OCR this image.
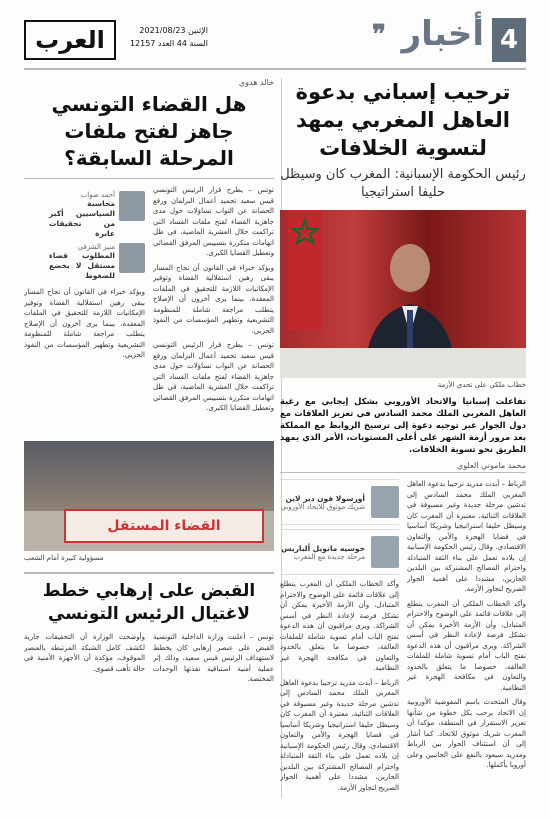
4
أخبار
❞
العرب	الإثنين 2021/08/23
السنة 44 العدد 12157
ترحيب إسباني بدعوة العاهل المغربي يمهد لتسوية الخلافات
رئيس الحكومة الإسبانية: المغرب كان وسيظل حليفا استراتيجيا
خطاب ملكي على تحدي الأزمة

تفاعلت إسبانيا والاتحاد الأوروبي بشكل إيجابي مع رغبة العاهل المغربي الملك محمد السادس في تعزيز العلاقات مع دول الجوار عبر توجيه دعوة إلى ترسيخ الروابط مع المملكة بعد مرور أزمة الشهر على أعلى المستويات، الأمر الذي يمهد الطريق نحو تسوية الخلافات.

محمد ماموني العلوي

الرباط – أبدت مدريد ترحيبا بدعوة العاهل المغربي الملك محمد السادس إلى تدشين مرحلة جديدة وغير مسبوقة في العلاقات الثنائية، معتبرة أن المغرب كان وسيظل حليفا استراتيجيا وشريكا أساسيا في قضايا الهجرة والأمن والتعاون الاقتصادي. وقال رئيس الحكومة الإسبانية إن بلاده تعمل على بناء الثقة المتبادلة واحترام المصالح المشتركة بين البلدين الجارين، مشددا على أهمية الحوار الصريح لتجاوز الأزمة.

وأكد الخطاب الملكي أن المغرب يتطلع إلى علاقات قائمة على الوضوح والاحترام المتبادل، وأن الأزمة الأخيرة يمكن أن تشكل فرصة لإعادة النظر في أسس الشراكة. ويرى مراقبون أن هذه الدعوة تفتح الباب أمام تسوية شاملة للملفات العالقة، خصوصا ما يتعلق بالحدود والتعاون في مكافحة الهجرة غير النظامية.

وقال المتحدث باسم المفوضية الأوروبية إن الاتحاد يرحب بكل خطوة من شأنها تعزيز الاستقرار في المنطقة، مؤكدا أن المغرب شريك موثوق للاتحاد. كما أشار إلى أن استئناف الحوار بين الرباط ومدريد سيعود بالنفع على الجانبين وعلى أوروبا بأكملها.

أورسولا فون دير لاين
شريك موثوق للاتحاد الأوروبي
خوسيه مانويل ألباريس
مرحلة جديدة مع المغرب

وأكد الخطاب الملكي أن المغرب يتطلع إلى علاقات قائمة على الوضوح والاحترام المتبادل، وأن الأزمة الأخيرة يمكن أن تشكل فرصة لإعادة النظر في أسس الشراكة. ويرى مراقبون أن هذه الدعوة تفتح الباب أمام تسوية شاملة للملفات العالقة، خصوصا ما يتعلق بالحدود والتعاون في مكافحة الهجرة غير النظامية.

الرباط – أبدت مدريد ترحيبا بدعوة العاهل المغربي الملك محمد السادس إلى تدشين مرحلة جديدة وغير مسبوقة في العلاقات الثنائية، معتبرة أن المغرب كان وسيظل حليفا استراتيجيا وشريكا أساسيا في قضايا الهجرة والأمن والتعاون الاقتصادي. وقال رئيس الحكومة الإسبانية إن بلاده تعمل على بناء الثقة المتبادلة واحترام المصالح المشتركة بين البلدين الجارين، مشددا على أهمية الحوار الصريح لتجاوز الأزمة.

خالد هدوي
هل القضاء التونسي جاهز لفتح ملفات المرحلة السابقة؟

تونس – يطرح قرار الرئيس التونسي قيس سعيد تجميد أعمال البرلمان ورفع الحصانة عن النواب تساؤلات حول مدى جاهزية القضاء لفتح ملفات الفساد التي تراكمت خلال العشرية الماضية، في ظل اتهامات متكررة بتسييس المرفق القضائي وتعطيل القضايا الكبرى.

ويؤكد خبراء في القانون أن نجاح المسار يبقى رهين استقلالية القضاة وتوفير الإمكانيات اللازمة للتحقيق في الملفات المعقدة، بينما يرى آخرون أن الإصلاح يتطلب مراجعة شاملة للمنظومة التشريعية وتطهير المؤسسات من النفوذ الحزبي.

تونس – يطرح قرار الرئيس التونسي قيس سعيد تجميد أعمال البرلمان ورفع الحصانة عن النواب تساؤلات حول مدى جاهزية القضاء لفتح ملفات الفساد التي تراكمت خلال العشرية الماضية، في ظل اتهامات متكررة بتسييس المرفق القضائي وتعطيل القضايا الكبرى.

أحمد صواب
محاسبة السياسيين أكبر من تحقيقات عابرة
منير الشرفي
المطلوب قضاء مستقل لا يخضع للضغوط

ويؤكد خبراء في القانون أن نجاح المسار يبقى رهين استقلالية القضاة وتوفير الإمكانيات اللازمة للتحقيق في الملفات المعقدة، بينما يرى آخرون أن الإصلاح يتطلب مراجعة شاملة للمنظومة التشريعية وتطهير المؤسسات من النفوذ الحزبي.

القضاء المستقل
مسؤولية كبيرة أمام الشعب
القبض على إرهابي خطط لاغتيال الرئيس التونسي

تونس – أعلنت وزارة الداخلية التونسية القبض على عنصر إرهابي كان يخطط لاستهداف الرئيس قيس سعيد، وذلك إثر عملية أمنية استباقية نفذتها الوحدات المختصة.

وأوضحت الوزارة أن التحقيقات جارية لكشف كامل الشبكة المرتبطة بالعنصر الموقوف، مؤكدة أن الأجهزة الأمنية في حالة تأهب قصوى.
